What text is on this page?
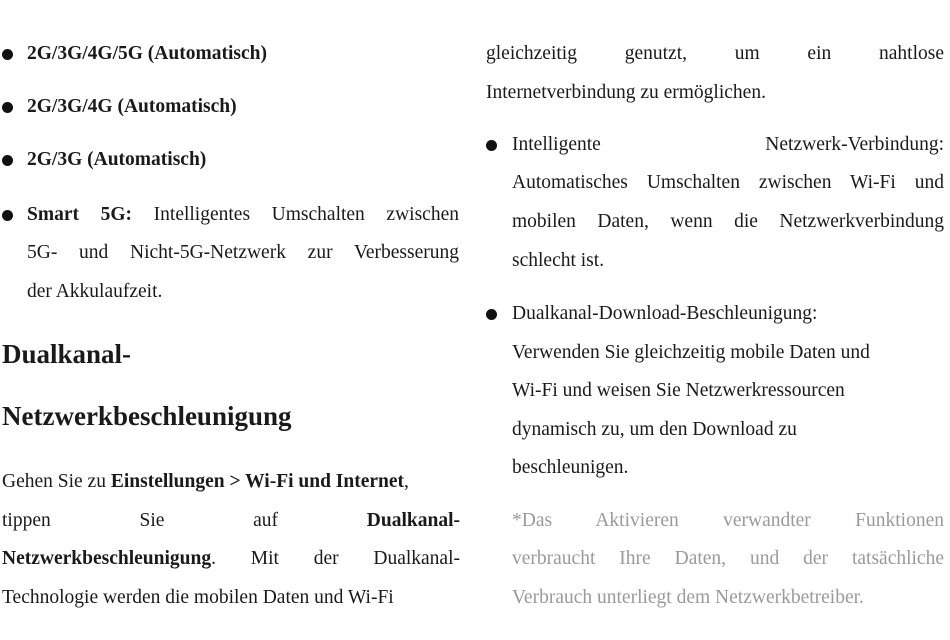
2G/3G/4G/5G (Automatisch)
2G/3G/4G (Automatisch)
2G/3G (Automatisch)
Smart 5G: Intelligentes Umschalten zwischen
5G- und Nicht-5G-Netzwerk zur Verbesserung
der Akkulaufzeit.
Dualkanal-
Netzwerkbeschleunigung
Gehen Sie zu Einstellungen > Wi-Fi und Internet,
tippen Sie auf Dualkanal-
Netzwerkbeschleunigung. Mit der Dualkanal-
Technologie werden die mobilen Daten und Wi-Fi
gleichzeitig genutzt, um ein nahtlose
Internetverbindung zu ermöglichen.
Intelligente	Netzwerk-Verbindung:
Automatisches Umschalten zwischen Wi-Fi und
mobilen Daten, wenn die Netzwerkverbindung
schlecht ist.
Dualkanal-Download-Beschleunigung:
Verwenden Sie gleichzeitig mobile Daten und
Wi-Fi und weisen Sie Netzwerkressourcen
dynamisch zu, um den Download zu
beschleunigen.
*Das Aktivieren verwandter Funktionen
verbraucht Ihre Daten, und der tatsächliche
Verbrauch unterliegt dem Netzwerkbetreiber.
